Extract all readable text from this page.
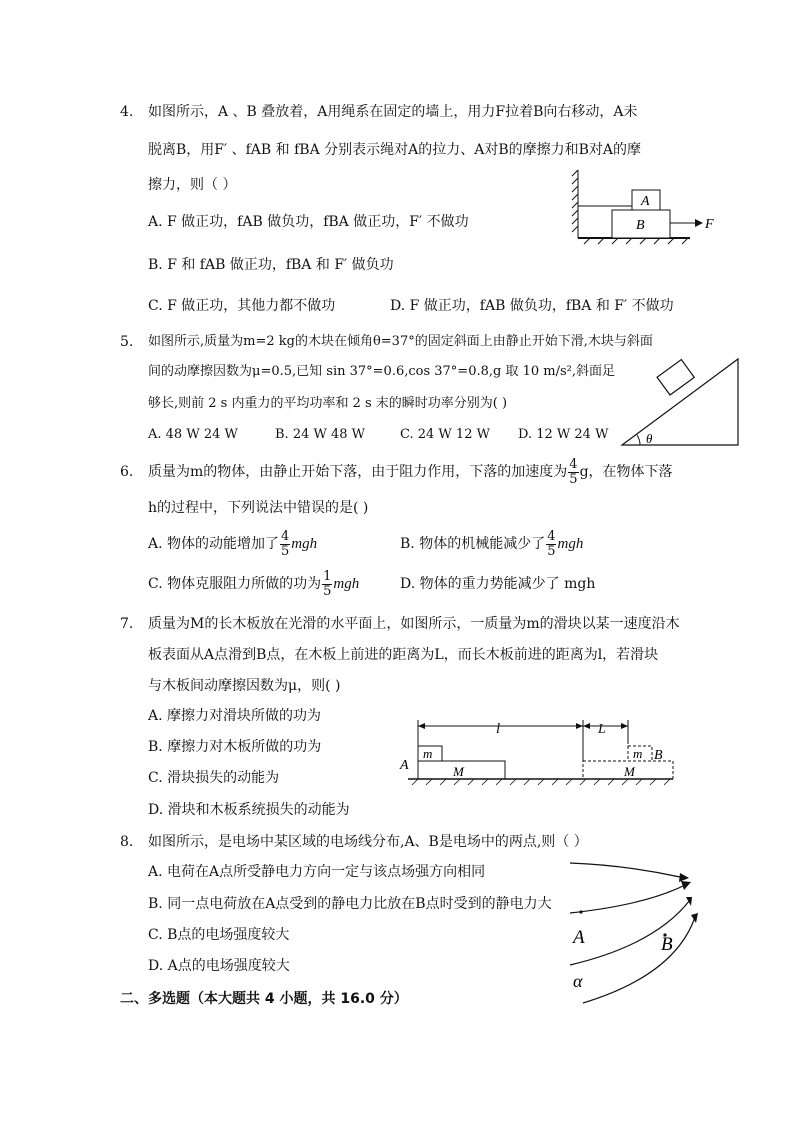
4. 如图所示，A 、B 叠放着，A用绳系在固定的墙上，用力F拉着B向右移动，A未
脱离B，用F′ 、fAB 和 fBA 分别表示绳对A的拉力、A对B的摩擦力和B对A的摩
擦力，则（ ）
A. F 做正功，fAB 做负功，fBA 做正功，F′ 不做功
B. F 和 fAB 做正功，fBA 和 F′ 做负功
C. F 做正功，其他力都不做功	D. F 做正功，fAB 做负功，fBA 和 F′ 不做功
A
B	F
5. 如图所示,质量为m=2 kg的木块在倾角θ=37°的固定斜面上由静止开始下滑,木块与斜面
间的动摩擦因数为μ=0.5,已知 sin 37°=0.6,cos 37°=0.8,g 取 10 m/s²,斜面足
够长,则前 2 s 内重力的平均功率和 2 s 末的瞬时功率分别为( )
A. 48 W 24 W	B. 24 W 48 W	C. 24 W 12 W D. 12 W 24 W	θ
6. 质量为m的物体，由静止开始下落，由于阻力作用，下落的加速度为 $\frac{4}{5}$ g，在物体下落
h的过程中，下列说法中错误的是( )
A. 物体的动能增加了 $\frac{4}{5}$ mgh	B. 物体的机械能减少了 $\frac{4}{5}$ mgh
C. 物体克服阻力所做的功为 $\frac{1}{5}$ mgh	D. 物体的重力势能减少了 mgh
7. 质量为M的长木板放在光滑的水平面上，如图所示，一质量为m的滑块以某一速度沿木
板表面从A点滑到B点，在木板上前进的距离为L，而长木板前进的距离为l，若滑块
与木板间动摩擦因数为μ，则( )
A. 摩擦力对滑块所做的功为
B. 摩擦力对木板所做的功为
C. 滑块损失的动能为
D. 滑块和木板系统损失的动能为
l	L
m
M
A	M
m B
8. 如图所示，是电场中某区域的电场线分布,A、B是电场中的两点,则（ ）
A. 电荷在A点所受静电力方向一定与该点场强方向相同
B. 同一点电荷放在A点受到的静电力比放在B点时受到的静电力大
C. B点的电场强度较大
D. A点的电场强度较大
A	B
α
二、多选题（本大题共 4 小题，共 16.0 分）
